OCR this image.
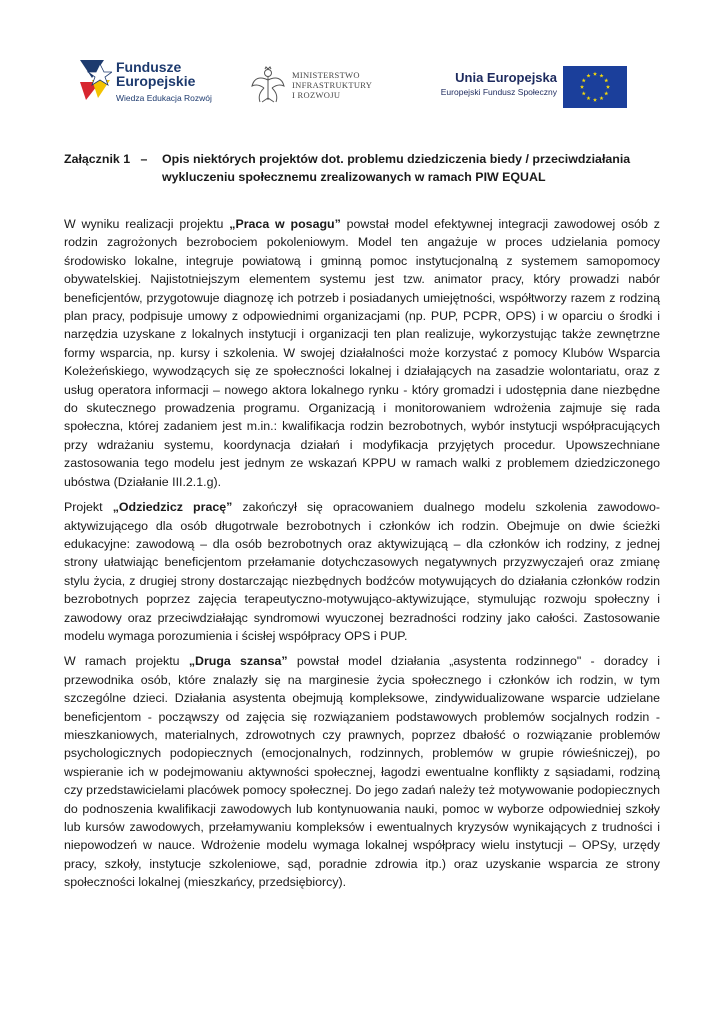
Fundusze
Europejskie
Wiedza Edukacja Rozwój
MINISTERSTWO
INFRASTRUKTURY
I ROZWOJU
Unia Europejska
Europejski Fundusz Społeczny
Załącznik 1 – Opis niektórych projektów dot. problemu dziedziczenia biedy / przeciwdziałania
wykluczeniu społecznemu zrealizowanych w ramach PIW EQUAL

W wyniku realizacji projektu „Praca w posagu” powstał model efektywnej integracji zawodowej osób z rodzin zagrożonych bezrobociem pokoleniowym. Model ten angażuje w proces udzielania pomocy środowisko lokalne, integruje powiatową i gminną pomoc instytucjonalną z systemem samopomocy obywatelskiej. Najistotniejszym elementem systemu jest tzw. animator pracy, który prowadzi nabór beneficjentów, przygotowuje diagnozę ich potrzeb i posiadanych umiejętności, współtworzy razem z rodziną plan pracy, podpisuje umowy z odpowiednimi organizacjami (np. PUP, PCPR, OPS) i w oparciu o środki i narzędzia uzyskane z lokalnych instytucji i organizacji ten plan realizuje, wykorzystując także zewnętrzne formy wsparcia, np. kursy i szkolenia. W swojej działalności może korzystać z pomocy Klubów Wsparcia Koleżeńskiego, wywodzących się ze społeczności lokalnej i działających na zasadzie wolontariatu, oraz z usług operatora informacji – nowego aktora lokalnego rynku - który gromadzi i udostępnia dane niezbędne do skutecznego prowadzenia programu. Organizacją i monitorowaniem wdrożenia zajmuje się rada społeczna, której zadaniem jest m.in.: kwalifikacja rodzin bezrobotnych, wybór instytucji współpracujących przy wdrażaniu systemu, koordynacja działań i modyfikacja przyjętych procedur. Upowszechniane zastosowania tego modelu jest jednym ze wskazań KPPU w ramach walki z problemem dziedziczonego ubóstwa (Działanie III.2.1.g).

Projekt „Odziedzicz pracę” zakończył się opracowaniem dualnego modelu szkolenia zawodowo-aktywizującego dla osób długotrwale bezrobotnych i członków ich rodzin. Obejmuje on dwie ścieżki edukacyjne: zawodową – dla osób bezrobotnych oraz aktywizującą – dla członków ich rodziny, z jednej strony ułatwiając beneficjentom przełamanie dotychczasowych negatywnych przyzwyczajeń oraz zmianę stylu życia, z drugiej strony dostarczając niezbędnych bodźców motywujących do działania członków rodzin bezrobotnych poprzez zajęcia terapeutyczno-motywująco-aktywizujące, stymulując rozwoju społeczny i zawodowy oraz przeciwdziałając syndromowi wyuczonej bezradności rodziny jako całości. Zastosowanie modelu wymaga porozumienia i ścisłej współpracy OPS i PUP.

W ramach projektu „Druga szansa” powstał model działania „asystenta rodzinnego" - doradcy i przewodnika osób, które znalazły się na marginesie życia społecznego i członków ich rodzin, w tym szczególne dzieci. Działania asystenta obejmują kompleksowe, zindywidualizowane wsparcie udzielane beneficjentom - począwszy od zajęcia się rozwiązaniem podstawowych problemów socjalnych rodzin - mieszkaniowych, materialnych, zdrowotnych czy prawnych, poprzez dbałość o rozwiązanie problemów psychologicznych podopiecznych (emocjonalnych, rodzinnych, problemów w grupie rówieśniczej), po wspieranie ich w podejmowaniu aktywności społecznej, łagodzi ewentualne konflikty z sąsiadami, rodziną czy przedstawicielami placówek pomocy społecznej. Do jego zadań należy też motywowanie podopiecznych do podnoszenia kwalifikacji zawodowych lub kontynuowania nauki, pomoc w wyborze odpowiedniej szkoły lub kursów zawodowych, przełamywaniu kompleksów i ewentualnych kryzysów wynikających z trudności i niepowodzeń w nauce. Wdrożenie modelu wymaga lokalnej współpracy wielu instytucji – OPSy, urzędy pracy, szkoły, instytucje szkoleniowe, sąd, poradnie zdrowia itp.) oraz uzyskanie wsparcia ze strony społeczności lokalnej (mieszkańcy, przedsiębiorcy).
